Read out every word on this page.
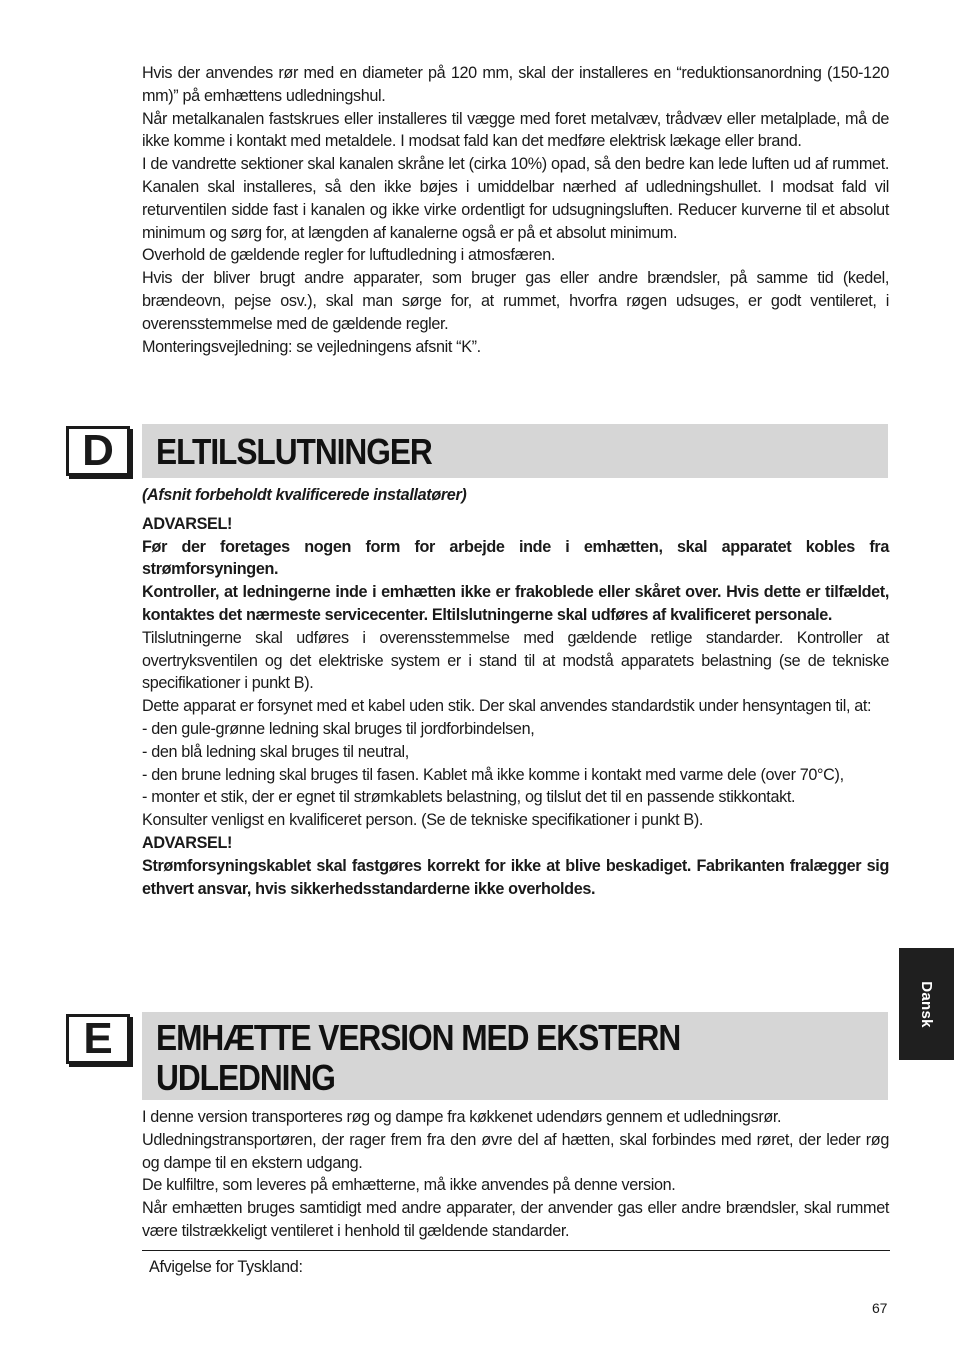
Hvis der anvendes rør med en diameter på 120 mm, skal der installeres en “reduktionsanordning (150-120 mm)” på emhættens udledningshul.

Når metalkanalen fastskrues eller installeres til vægge med foret metalvæv, trådvæv eller metalplade, må de ikke komme i kontakt med metaldele. I modsat fald kan det medføre elektrisk lækage eller brand.

I de vandrette sektioner skal kanalen skråne let (cirka 10%) opad, så den bedre kan lede luften ud af rummet. Kanalen skal installeres, så den ikke bøjes i umiddelbar nærhed af udledningshullet. I modsat fald vil returventilen sidde fast i kanalen og ikke virke ordentligt for udsugningsluften. Reducer kurverne til et absolut minimum og sørg for, at længden af kanalerne også er på et absolut minimum.

Overhold de gældende regler for luftudledning i atmosfæren.

Hvis der bliver brugt andre apparater, som bruger gas eller andre brændsler, på samme tid (kedel, brændeovn, pejse osv.), skal man sørge for, at rummet, hvorfra røgen udsuges, er godt ventileret, i overensstemmelse med de gældende regler.

Monteringsvejledning: se vejledningens afsnit “K”.

D	ELTILSLUTNINGER

(Afsnit forbeholdt kvalificerede installatører)

ADVARSEL!

Før der foretages nogen form for arbejde inde i emhætten, skal apparatet kobles fra strømforsyningen.

Kontroller, at ledningerne inde i emhætten ikke er frakoblede eller skåret over. Hvis dette er tilfældet, kontaktes det nærmeste servicecenter. Eltilslutningerne skal udføres af kvalificeret personale.

Tilslutningerne skal udføres i overensstemmelse med gældende retlige standarder. Kontroller at overtryksventilen og det elektriske system er i stand til at modstå apparatets belastning (se de tekniske specifikationer i punkt B).

Dette apparat er forsynet med et kabel uden stik. Der skal anvendes standardstik under hensyntagen til, at:

- den gule-grønne ledning skal bruges til jordforbindelsen,

- den blå ledning skal bruges til neutral,

- den brune ledning skal bruges til fasen. Kablet må ikke komme i kontakt med varme dele (over 70°C),

- monter et stik, der er egnet til strømkablets belastning, og tilslut det til en passende stikkontakt.

Konsulter venligst en kvalificeret person. (Se de tekniske specifikationer i punkt B).

ADVARSEL!

Strømforsyningskablet skal fastgøres korrekt for ikke at blive beskadiget. Fabrikanten fralægger sig ethvert ansvar, hvis sikkerhedsstandarderne ikke overholdes.

E	EMHÆTTE VERSION MED EKSTERN
UDLEDNING

I denne version transporteres røg og dampe fra køkkenet udendørs gennem et udledningsrør.

Udledningstransportøren, der rager frem fra den øvre del af hætten, skal forbindes med røret, der leder røg og dampe til en ekstern udgang.

De kulfiltre, som leveres på emhætterne, må ikke anvendes på denne version.

Når emhætten bruges samtidigt med andre apparater, der anvender gas eller andre brændsler, skal rummet være tilstrækkeligt ventileret i henhold til gældende standarder.

Afvigelse for Tyskland:
Dansk
67
